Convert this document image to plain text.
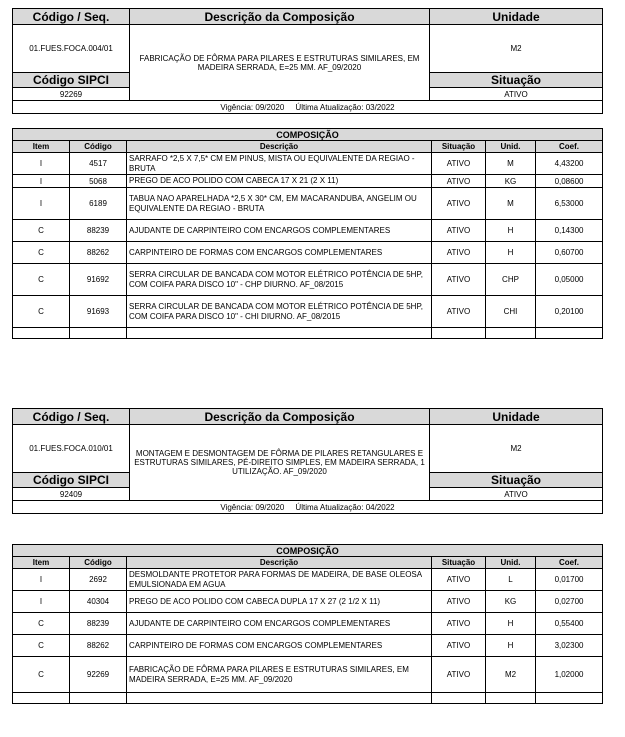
Código / Seq.	Descrição da Composição	Unidade
01.FUES.FOCA.004/01	FABRICAÇÃO DE FÔRMA PARA PILARES E ESTRUTURAS SIMILARES, EM MADEIRA SERRADA, E=25 MM. AF_09/2020	M2
Código SIPCI		Situação
92269		ATIVO
Vigência: 09/2020 Última Atualização: 03/2022		
COMPOSIÇÃO					
Item	Código	Descrição	Situação	Unid.	Coef.
I	4517	SARRAFO *2,5 X 7,5* CM EM PINUS, MISTA OU EQUIVALENTE DA REGIAO - BRUTA	ATIVO	M	4,43200
I	5068	PREGO DE ACO POLIDO COM CABECA 17 X 21 (2 X 11)	ATIVO	KG	0,08600
I	6189	TABUA NAO APARELHADA *2,5 X 30* CM, EM MACARANDUBA, ANGELIM OU EQUIVALENTE DA REGIAO - BRUTA	ATIVO	M	6,53000
C	88239	AJUDANTE DE CARPINTEIRO COM ENCARGOS COMPLEMENTARES	ATIVO	H	0,14300
C	88262	CARPINTEIRO DE FORMAS COM ENCARGOS COMPLEMENTARES	ATIVO	H	0,60700
C	91692	SERRA CIRCULAR DE BANCADA COM MOTOR ELÉTRICO POTÊNCIA DE 5HP, COM COIFA PARA DISCO 10" - CHP DIURNO. AF_08/2015	ATIVO	CHP	0,05000
C	91693	SERRA CIRCULAR DE BANCADA COM MOTOR ELÉTRICO POTÊNCIA DE 5HP, COM COIFA PARA DISCO 10" - CHI DIURNO. AF_08/2015	ATIVO	CHI	0,20100

Código / Seq.	Descrição da Composição	Unidade
01.FUES.FOCA.010/01	MONTAGEM E DESMONTAGEM DE FÔRMA DE PILARES RETANGULARES E ESTRUTURAS SIMILARES, PÉ-DIREITO SIMPLES, EM MADEIRA SERRADA, 1 UTILIZAÇÃO. AF_09/2020	M2
Código SIPCI		Situação
92409		ATIVO
Vigência: 09/2020 Última Atualização: 04/2022		
COMPOSIÇÃO					
Item	Código	Descrição	Situação	Unid.	Coef.
I	2692	DESMOLDANTE PROTETOR PARA FORMAS DE MADEIRA, DE BASE OLEOSA EMULSIONADA EM AGUA	ATIVO	L	0,01700
I	40304	PREGO DE ACO POLIDO COM CABECA DUPLA 17 X 27 (2 1/2 X 11)	ATIVO	KG	0,02700
C	88239	AJUDANTE DE CARPINTEIRO COM ENCARGOS COMPLEMENTARES	ATIVO	H	0,55400
C	88262	CARPINTEIRO DE FORMAS COM ENCARGOS COMPLEMENTARES	ATIVO	H	3,02300
C	92269	FABRICAÇÃO DE FÔRMA PARA PILARES E ESTRUTURAS SIMILARES, EM MADEIRA SERRADA, E=25 MM. AF_09/2020	ATIVO	M2	1,02000
